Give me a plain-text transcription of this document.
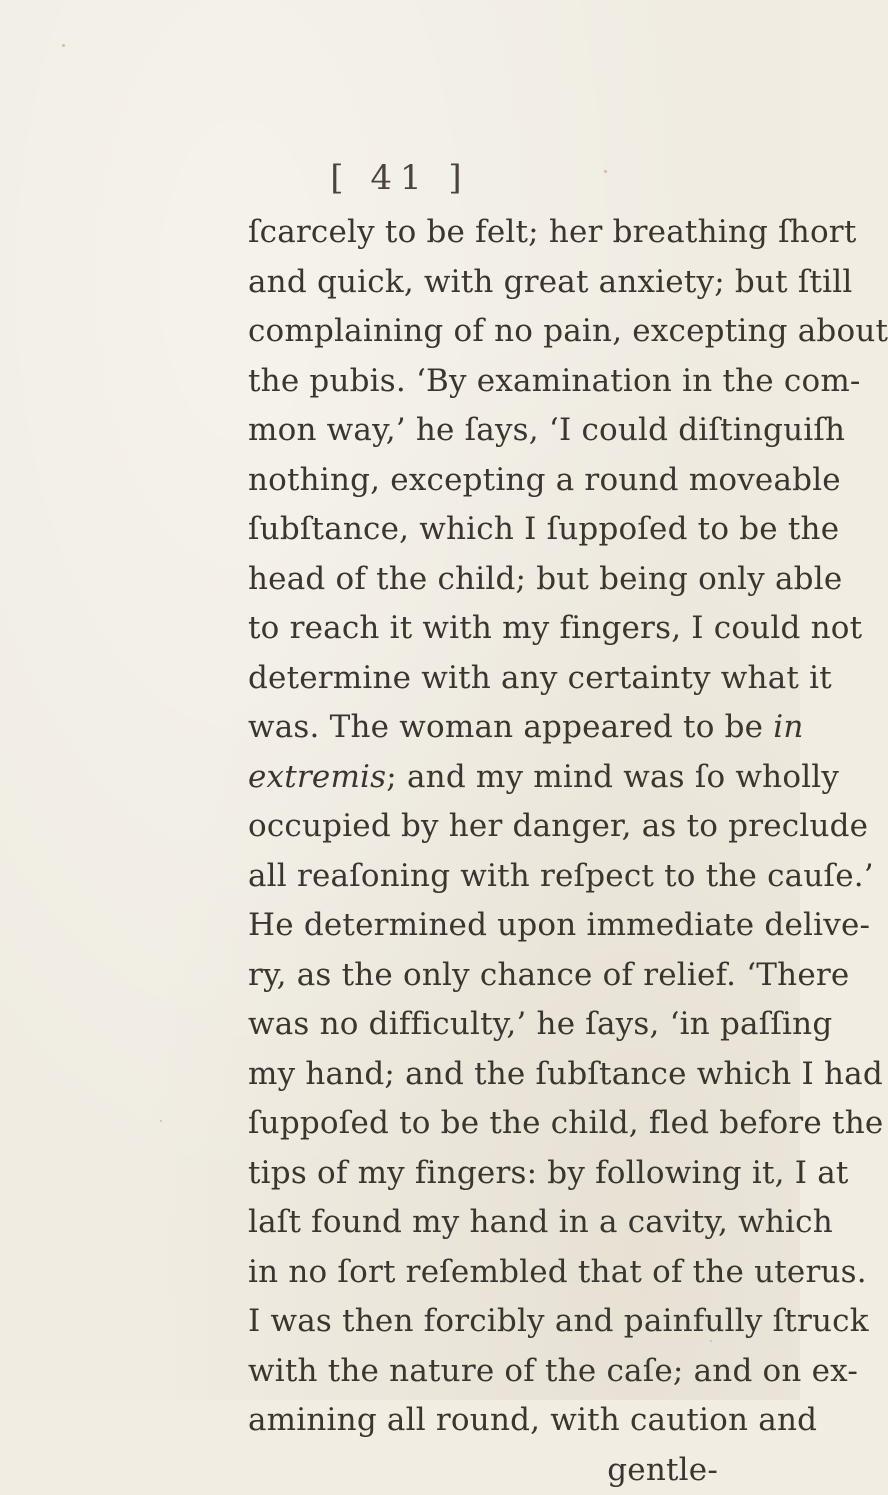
[ 41 ]
ſcarcely to be felt; her breathing ſhort
and quick, with great anxiety; but ſtill
complaining of no pain, excepting about
the pubis. ‘By examination in the com-
mon way,’ he ſays, ‘I could diſtinguiſh
nothing, excepting a round moveable
ſubſtance, which I ſuppoſed to be the
head of the child; but being only able
to reach it with my fingers, I could not
determine with any certainty what it
was. The woman appeared to be in
extremis; and my mind was ſo wholly
occupied by her danger, as to preclude
all reaſoning with reſpect to the cauſe.’
He determined upon immediate delive-
ry, as the only chance of relief. ‘There
was no difficulty,’ he ſays, ‘in paſſing
my hand; and the ſubſtance which I had
ſuppoſed to be the child, fled before the
tips of my fingers: by following it, I at
laſt found my hand in a cavity, which
in no ſort reſembled that of the uterus.
I was then forcibly and painfully ſtruck
with the nature of the caſe; and on ex-
amining all round, with caution and
gentle-
